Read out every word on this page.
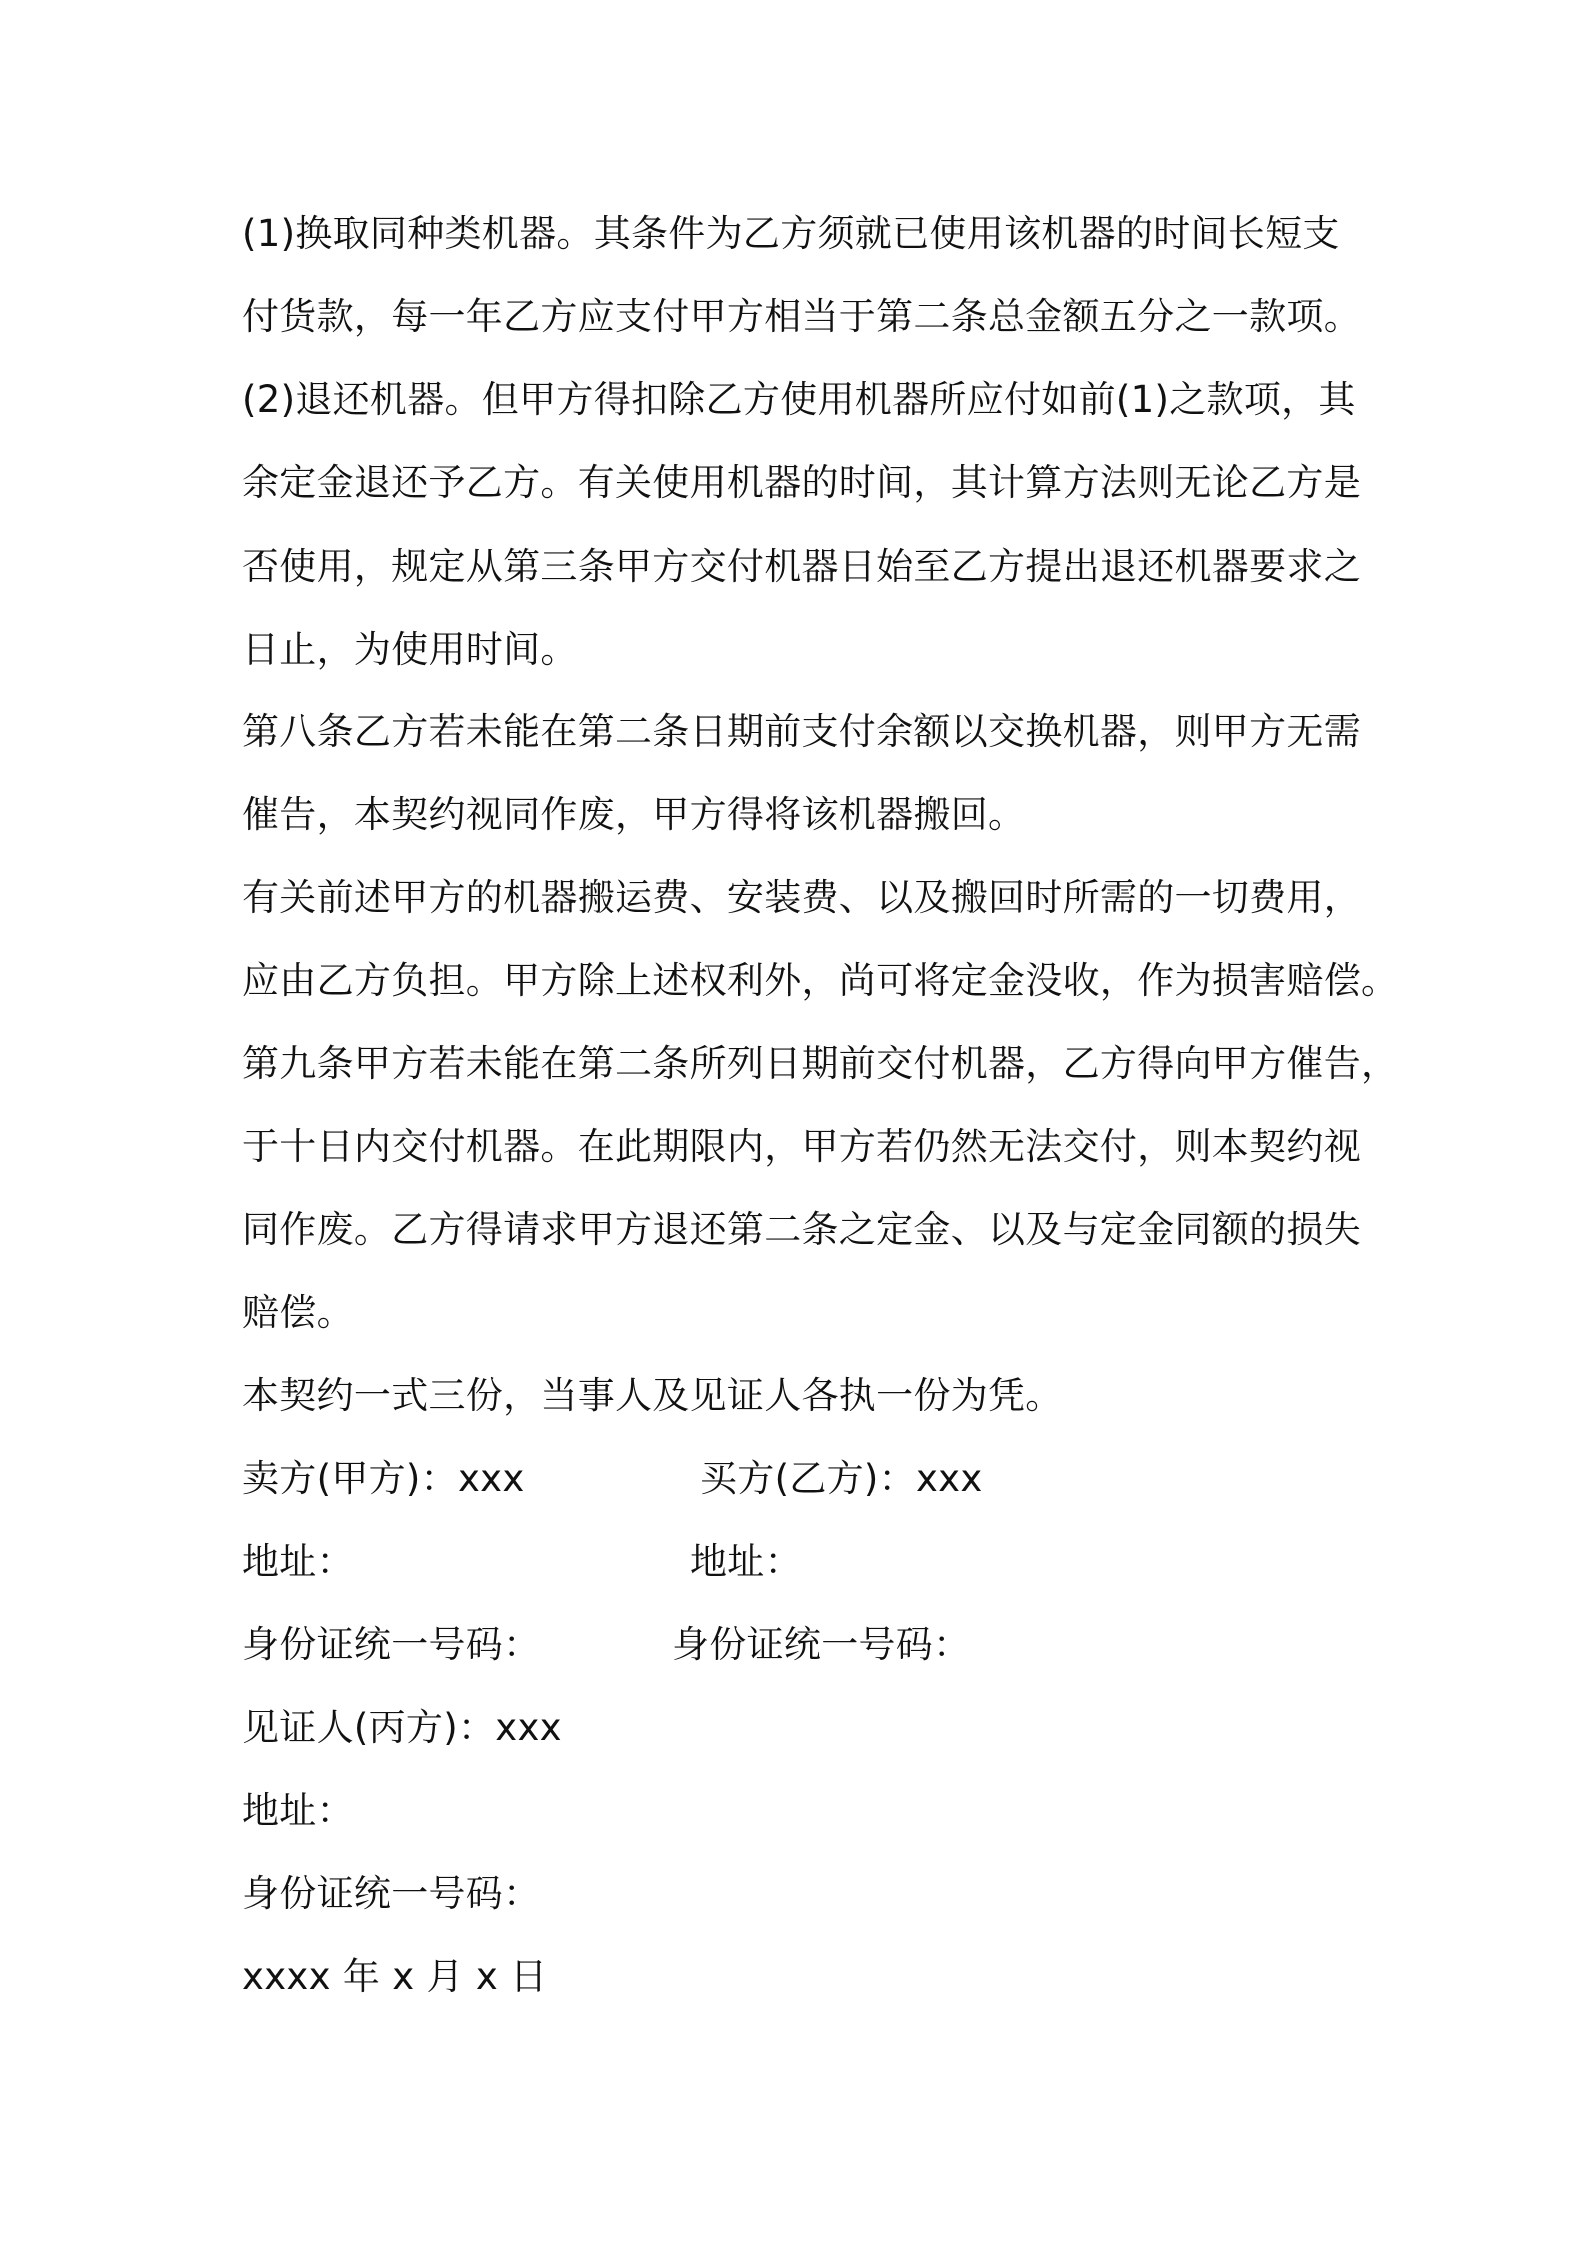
(1)换取同种类机器。其条件为乙方须就已使用该机器的时间长短支
付货款，每一年乙方应支付甲方相当于第二条总金额五分之一款项。
(2)退还机器。但甲方得扣除乙方使用机器所应付如前(1)之款项，其
余定金退还予乙方。有关使用机器的时间，其计算方法则无论乙方是
否使用，规定从第三条甲方交付机器日始至乙方提出退还机器要求之
日止，为使用时间。
第八条乙方若未能在第二条日期前支付余额以交换机器，则甲方无需
催告，本契约视同作废，甲方得将该机器搬回。
有关前述甲方的机器搬运费、安装费、以及搬回时所需的一切费用，
应由乙方负担。甲方除上述权利外，尚可将定金没收，作为损害赔偿。
第九条甲方若未能在第二条所列日期前交付机器，乙方得向甲方催告，
于十日内交付机器。在此期限内，甲方若仍然无法交付，则本契约视
同作废。乙方得请求甲方退还第二条之定金、以及与定金同额的损失
赔偿。
本契约一式三份，当事人及见证人各执一份为凭。
卖方(甲方)：xxx	买方(乙方)：xxx
地址：	地址：
身份证统一号码：	身份证统一号码：
见证人(丙方)：xxx
地址：
身份证统一号码：
xxxx 年 x 月 x 日
